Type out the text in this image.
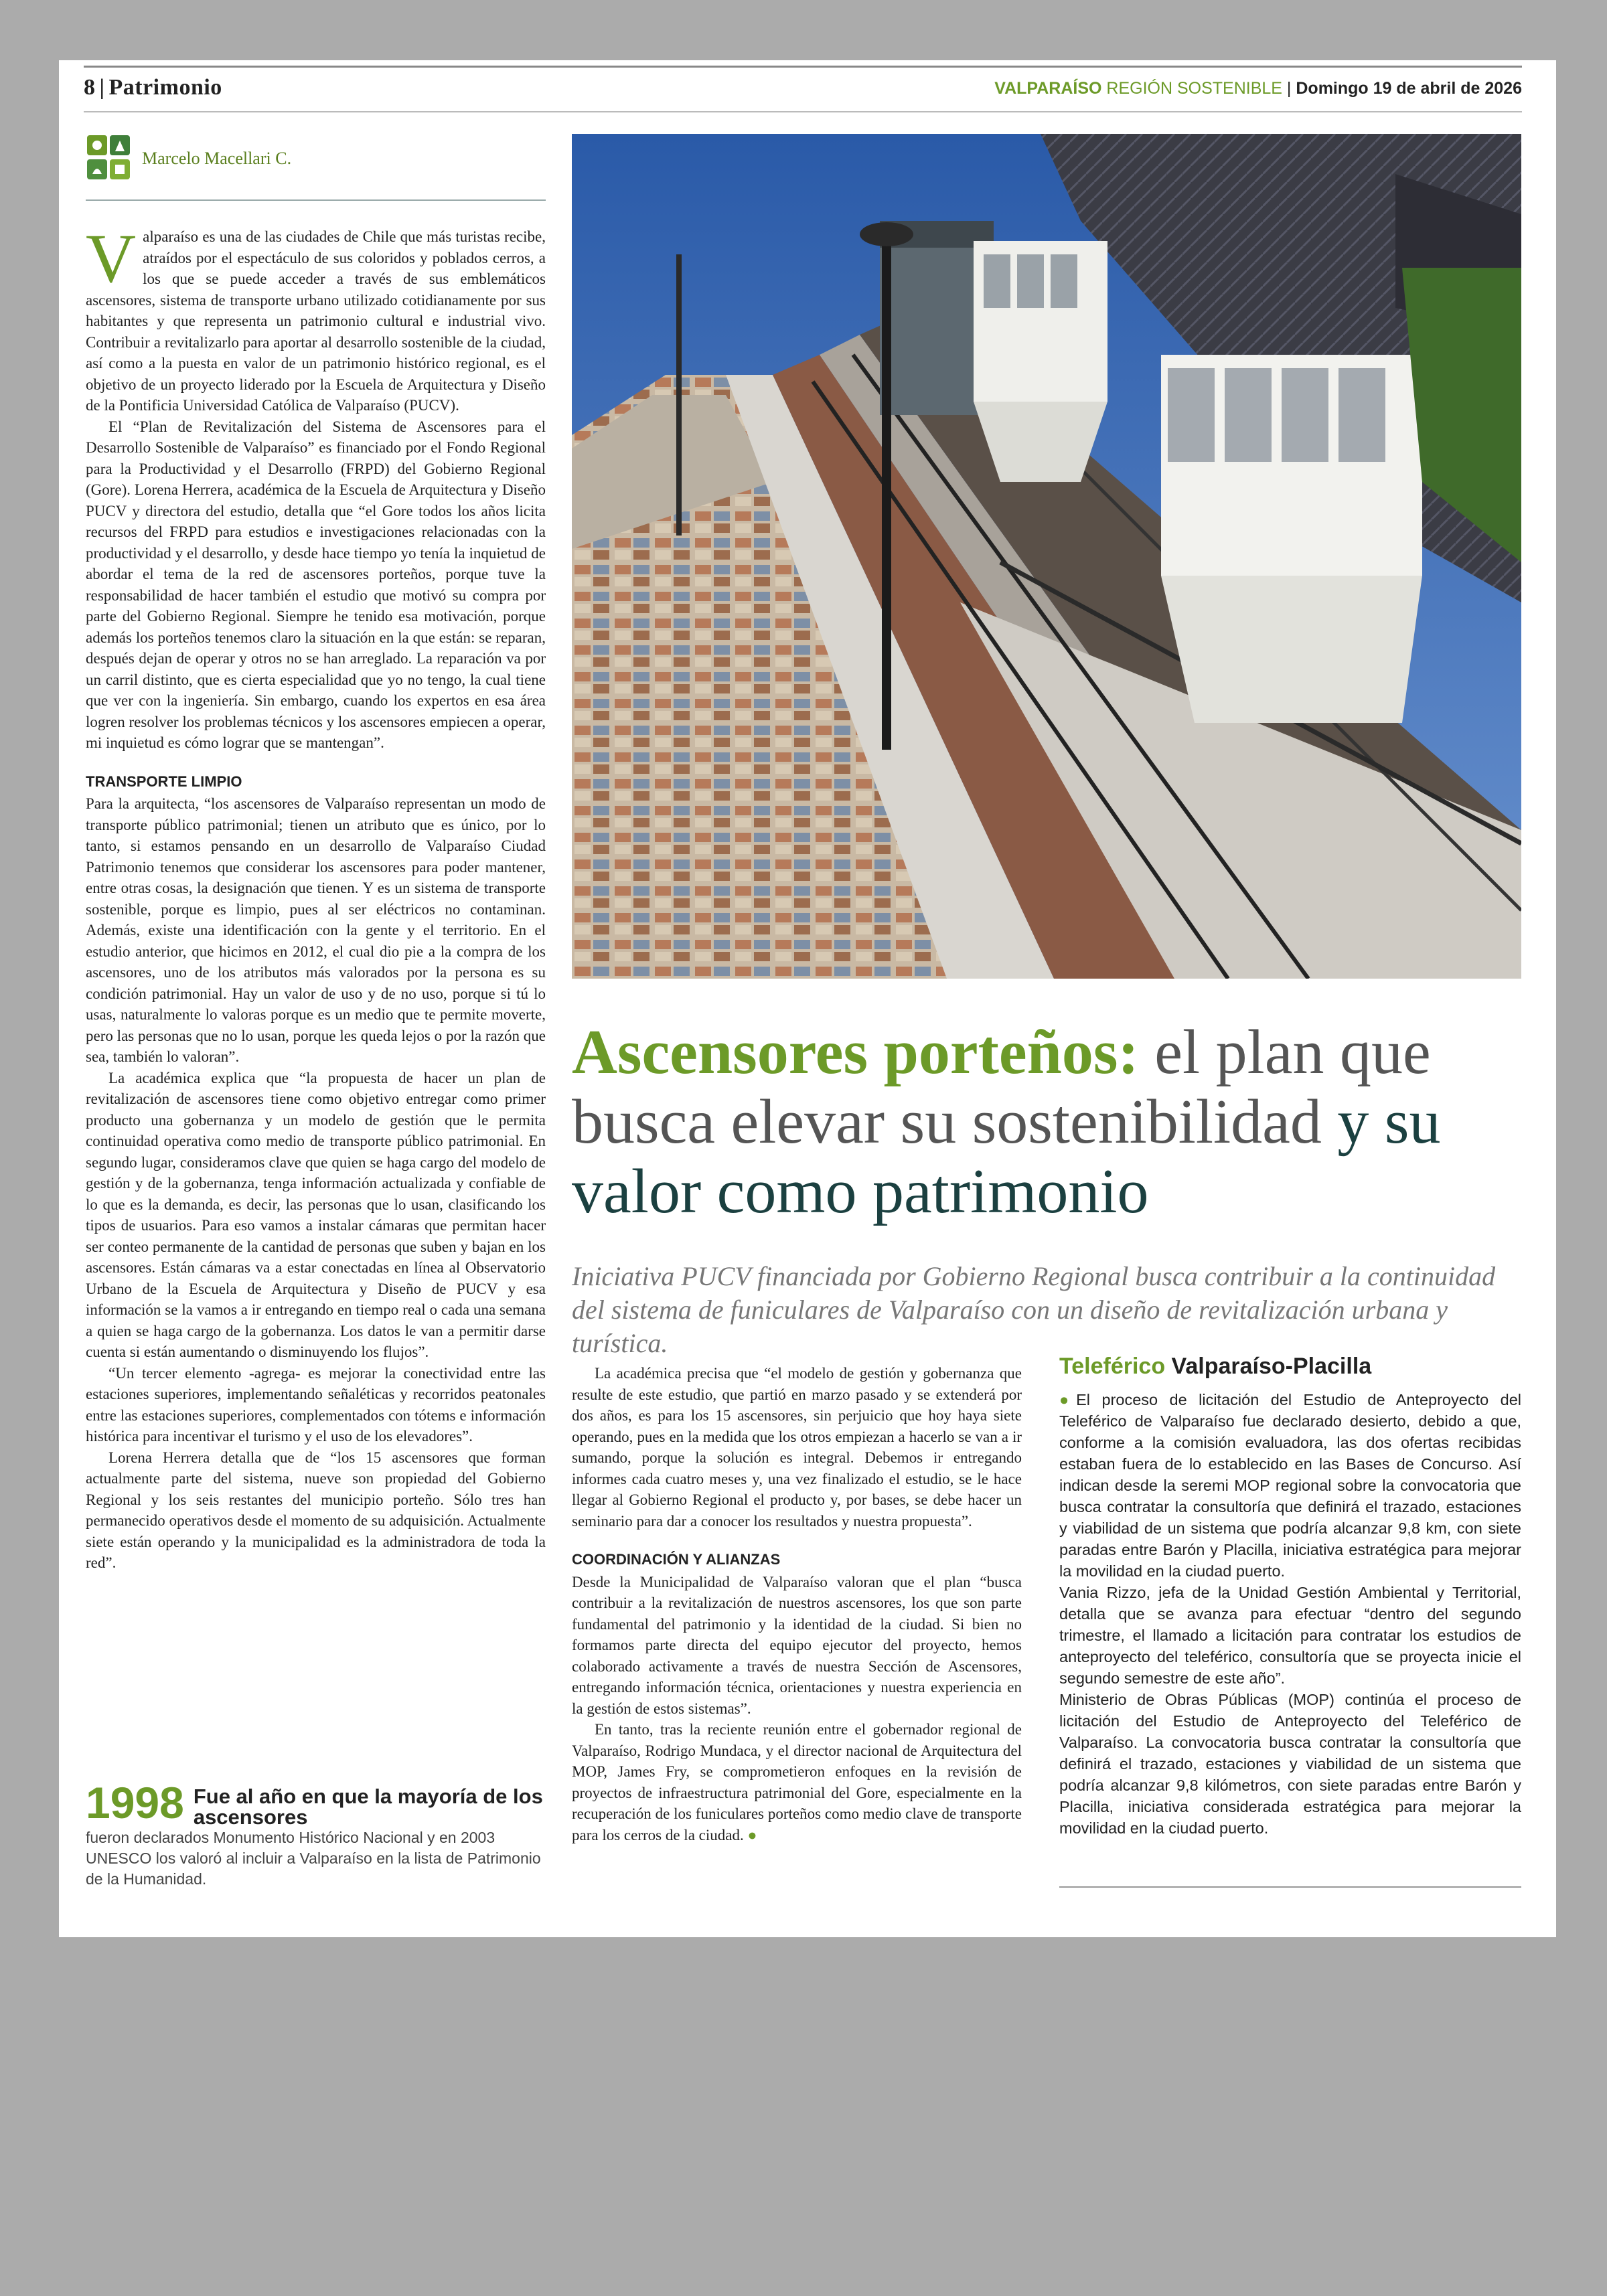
8 | Patrimonio	VALPARAÍSO REGIÓN SOSTENIBLE | Domingo 19 de abril de 2026
Marcelo Macellari C.

Valparaíso es una de las ciudades de Chile que más turistas recibe, atraídos por el espectáculo de sus coloridos y poblados cerros, a los que se puede acceder a través de sus emblemáticos ascensores, sistema de transporte urbano utilizado cotidianamente por sus habitantes y que representa un patrimonio cultural e industrial vivo. Contribuir a revitalizarlo para aportar al desarrollo sostenible de la ciudad, así como a la puesta en valor de un patrimonio histórico regional, es el objetivo de un proyecto liderado por la Escuela de Arquitectura y Diseño de la Pontificia Universidad Católica de Valparaíso (PUCV).

El “Plan de Revitalización del Sistema de Ascensores para el Desarrollo Sostenible de Valparaíso” es financiado por el Fondo Regional para la Productividad y el Desarrollo (FRPD) del Gobierno Regional (Gore). Lorena Herrera, académica de la Escuela de Arquitectura y Diseño PUCV y directora del estudio, detalla que “el Gore todos los años licita recursos del FRPD para estudios e investigaciones relacionadas con la productividad y el desarrollo, y desde hace tiempo yo tenía la inquietud de abordar el tema de la red de ascensores porteños, porque tuve la responsabilidad de hacer también el estudio que motivó su compra por parte del Gobierno Regional. Siempre he tenido esa motivación, porque además los porteños tenemos claro la situación en la que están: se reparan, después dejan de operar y otros no se han arreglado. La reparación va por un carril distinto, que es cierta especialidad que yo no tengo, la cual tiene que ver con la ingeniería. Sin embargo, cuando los expertos en esa área logren resolver los problemas técnicos y los ascensores empiecen a operar, mi inquietud es cómo lograr que se mantengan”.

TRANSPORTE LIMPIO

Para la arquitecta, “los ascensores de Valparaíso representan un modo de transporte público patrimonial; tienen un atributo que es único, por lo tanto, si estamos pensando en un desarrollo de Valparaíso Ciudad Patrimonio tenemos que considerar los ascensores para poder mantener, entre otras cosas, la designación que tienen. Y es un sistema de transporte sostenible, porque es limpio, pues al ser eléctricos no contaminan. Además, existe una identificación con la gente y el territorio. En el estudio anterior, que hicimos en 2012, el cual dio pie a la compra de los ascensores, uno de los atributos más valorados por la persona es su condición patrimonial. Hay un valor de uso y de no uso, porque si tú lo usas, naturalmente lo valoras porque es un medio que te permite moverte, pero las personas que no lo usan, porque les queda lejos o por la razón que sea, también lo valoran”.

La académica explica que “la propuesta de hacer un plan de revitalización de ascensores tiene como objetivo entregar como primer producto una gobernanza y un modelo de gestión que le permita continuidad operativa como medio de transporte público patrimonial. En segundo lugar, consideramos clave que quien se haga cargo del modelo de gestión y de la gobernanza, tenga información actualizada y confiable de lo que es la demanda, es decir, las personas que lo usan, clasificando los tipos de usuarios. Para eso vamos a instalar cámaras que permitan hacer ser conteo permanente de la cantidad de personas que suben y bajan en los ascensores. Están cámaras va a estar conectadas en línea al Observatorio Urbano de la Escuela de Arquitectura y Diseño de PUCV y esa información se la vamos a ir entregando en tiempo real o cada una semana a quien se haga cargo de la gobernanza. Los datos le van a permitir darse cuenta si están aumentando o disminuyendo los flujos”.

“Un tercer elemento -agrega- es mejorar la conectividad entre las estaciones superiores, implementando señaléticas y recorridos peatonales entre las estaciones superiores, complementados con tótems e información histórica para incentivar el turismo y el uso de los elevadores”.

Lorena Herrera detalla que de “los 15 ascensores que forman actualmente parte del sistema, nueve son propiedad del Gobierno Regional y los seis restantes del municipio porteño. Sólo tres han permanecido operativos desde el momento de su adquisición. Actualmente siete están operando y la municipalidad es la administradora de toda la red”.

Ascensores porteños: el plan que busca elevar su sostenibilidad y su valor como patrimonio
Iniciativa PUCV financiada por Gobierno Regional busca contribuir a la continuidad del sistema de funiculares de Valparaíso con un diseño de revitalización urbana y turística.

La académica precisa que “el modelo de gestión y gobernanza que resulte de este estudio, que partió en marzo pasado y se extenderá por dos años, es para los 15 ascensores, sin perjuicio que hoy haya siete operando, pues en la medida que los otros empiezan a hacerlo se van a ir sumando, porque la solución es integral. Debemos ir entregando informes cada cuatro meses y, una vez finalizado el estudio, se le hace llegar al Gobierno Regional el producto y, por bases, se debe hacer un seminario para dar a conocer los resultados y nuestra propuesta”.

COORDINACIÓN Y ALIANZAS

Desde la Municipalidad de Valparaíso valoran que el plan “busca contribuir a la revitalización de nuestros ascensores, los que son parte fundamental del patrimonio y la identidad de la ciudad. Si bien no formamos parte directa del equipo ejecutor del proyecto, hemos colaborado activamente a través de nuestra Sección de Ascensores, entregando información técnica, orientaciones y nuestra experiencia en la gestión de estos sistemas”.

En tanto, tras la reciente reunión entre el gobernador regional de Valparaíso, Rodrigo Mundaca, y el director nacional de Arquitectura del MOP, James Fry, se comprometieron enfoques en la revisión de proyectos de infraestructura patrimonial del Gore, especialmente en la recuperación de los funiculares porteños como medio clave de transporte para los cerros de la ciudad. ●

Teleférico Valparaíso-Placilla

●El proceso de licitación del Estudio de Anteproyecto del Teleférico de Valparaíso fue declarado desierto, debido a que, conforme a la comisión evaluadora, las dos ofertas recibidas estaban fuera de lo establecido en las Bases de Concurso. Así indican desde la seremi MOP regional sobre la convocatoria que busca contratar la consultoría que definirá el trazado, estaciones y viabilidad de un sistema que podría alcanzar 9,8 km, con siete paradas entre Barón y Placilla, iniciativa estratégica para mejorar la movilidad en la ciudad puerto.

Vania Rizzo, jefa de la Unidad Gestión Ambiental y Territorial, detalla que se avanza para efectuar “dentro del segundo trimestre, el llamado a licitación para contratar los estudios de anteproyecto del teleférico, consultoría que se proyecta inicie el segundo semestre de este año”.

Ministerio de Obras Públicas (MOP) continúa el proceso de licitación del Estudio de Anteproyecto del Teleférico de Valparaíso. La convocatoria busca contratar la consultoría que definirá el trazado, estaciones y viabilidad de un sistema que podría alcanzar 9,8 kilómetros, con siete paradas entre Barón y Placilla, iniciativa considerada estratégica para mejorar la movilidad en la ciudad puerto.

1998 Fue al año en que la mayoría de los ascensores
fueron declarados Monumento Histórico Nacional y en 2003 UNESCO los valoró al incluir a Valparaíso en la lista de Patrimonio de la Humanidad.
